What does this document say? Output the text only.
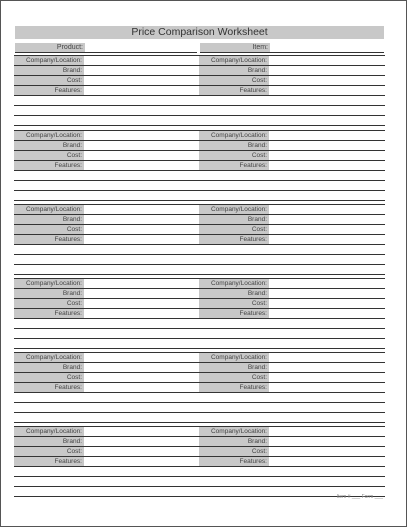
Price Comparison Worksheet
Product:	Item:
Company/Location:
Brand:
Cost:
Features:
Company/Location:
Brand:
Cost:
Features:
Company/Location:
Brand:
Cost:
Features:
Company/Location:
Brand:
Cost:
Features:
Company/Location:
Brand:
Cost:
Features:
Company/Location:
Brand:
Cost:
Features:
Company/Location:
Brand:
Cost:
Features:
Company/Location:
Brand:
Cost:
Features:
Company/Location:
Brand:
Cost:
Features:
Company/Location:
Brand:
Cost:
Features:
Company/Location:
Brand:
Cost:
Features:
Company/Location:
Brand:
Cost:
Features:
Item # ___ Form ___
